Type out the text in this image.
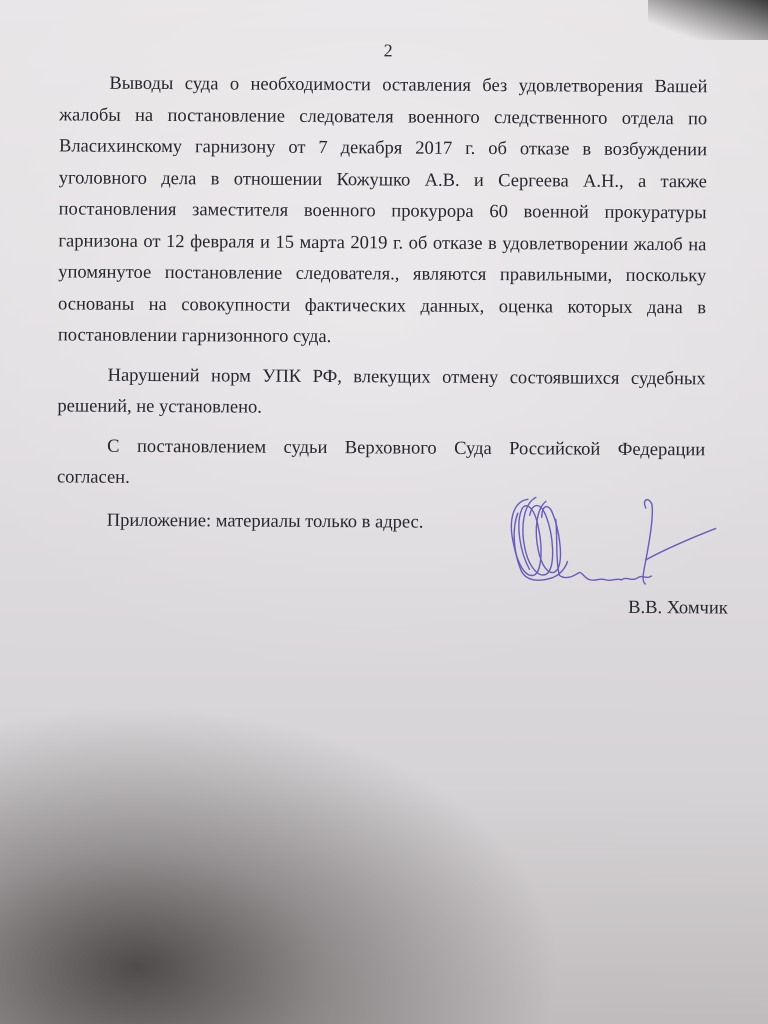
2

Выводы суда о необходимости оставления без удовлетворения Вашей жалобы на постановление следователя военного следственного отдела по Власихинскому гарнизону от 7 декабря 2017 г. об отказе в возбуждении уголовного дела в отношении Кожушко А.В. и Сергеева А.Н., а также постановления заместителя военного прокурора 60 военной прокуратуры гарнизона от 12 февраля и 15 марта 2019 г. об отказе в удовлетворении жалоб на упомянутое постановление следователя., являются правильными, поскольку основаны на совокупности фактических данных, оценка которых дана в постановлении гарнизонного суда.

Нарушений норм УПК РФ, влекущих отмену состоявшихся судебных решений, не установлено.

С постановлением судьи Верховного Суда Российской Федерации согласен.

Приложение: материалы только в адрес.
В.В. Хомчик
